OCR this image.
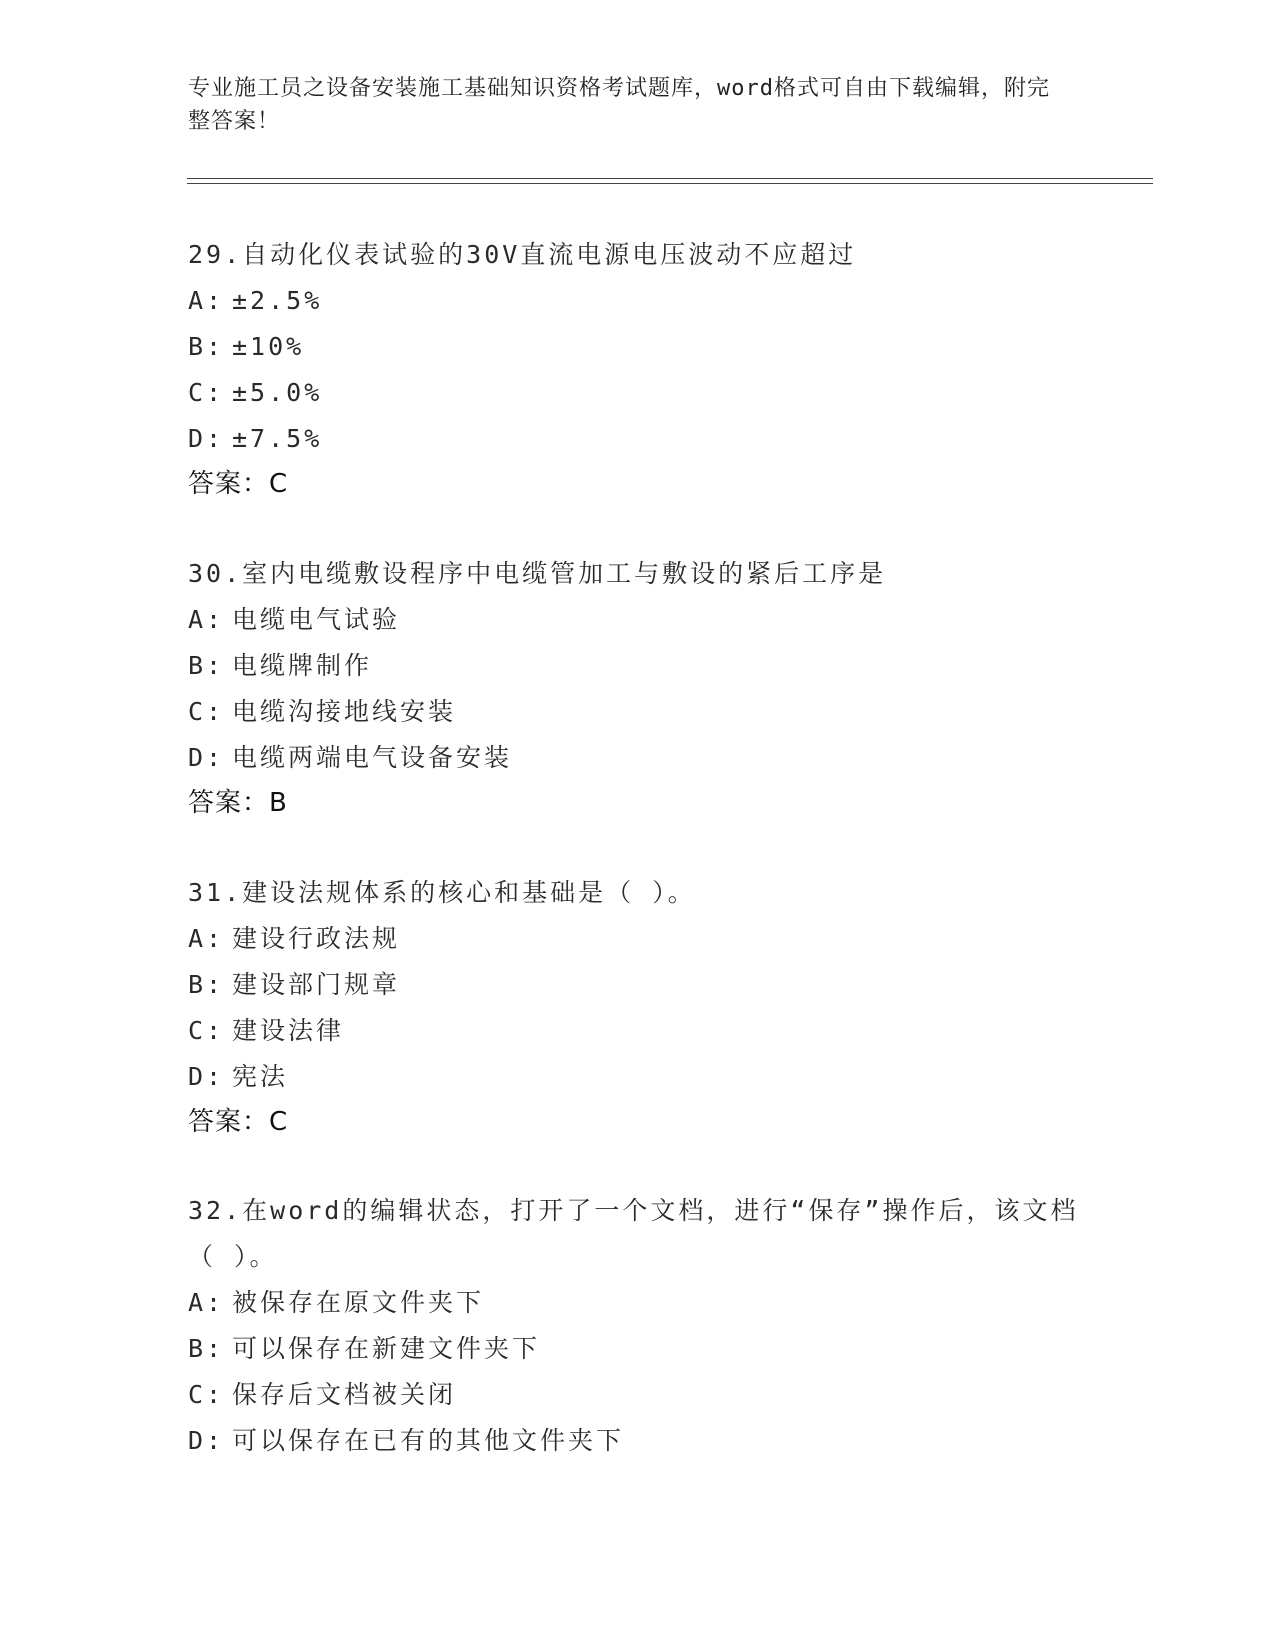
专业施工员之设备安装施工基础知识资格考试题库，word格式可自由下载编辑，附完整答案！
29.自动化仪表试验的30V直流电源电压波动不应超过
A: ±2.5%
B: ±10%
C: ±5.0%
D: ±7.5%
答案：C
30.室内电缆敷设程序中电缆管加工与敷设的紧后工序是
A: 电缆电气试验
B: 电缆牌制作
C: 电缆沟接地线安装
D: 电缆两端电气设备安装
答案：B
31.建设法规体系的核心和基础是（ ）。
A: 建设行政法规
B: 建设部门规章
C: 建设法律
D: 宪法
答案：C
32.在word的编辑状态，打开了一个文档，进行“保存”操作后，该文档（ ）。
A: 被保存在原文件夹下
B: 可以保存在新建文件夹下
C: 保存后文档被关闭
D: 可以保存在已有的其他文件夹下
